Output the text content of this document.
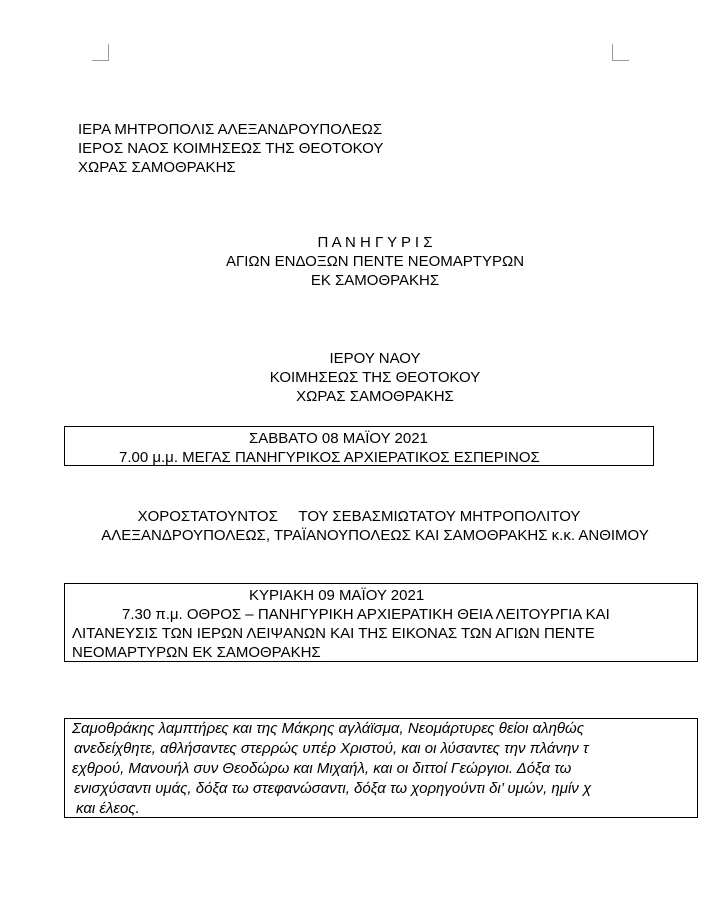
ΙΕΡΑ ΜΗΤΡΟΠΟΛΙΣ ΑΛΕΞΑΝΔΡΟΥΠΟΛΕΩΣ
ΙΕΡΟΣ ΝΑΟΣ ΚΟΙΜΗΣΕΩΣ ΤΗΣ ΘΕΟΤΟΚΟΥ
ΧΩΡΑΣ ΣΑΜΟΘΡΑΚΗΣ
Π Α Ν Η Γ Υ Ρ Ι Σ
ΑΓΙΩΝ ΕΝΔΟΞΩΝ ΠΕΝΤΕ ΝΕΟΜΑΡΤΥΡΩΝ
ΕΚ ΣΑΜΟΘΡΑΚΗΣ
ΙΕΡΟΥ ΝΑΟΥ
ΚΟΙΜΗΣΕΩΣ ΤΗΣ ΘΕΟΤΟΚΟΥ
ΧΩΡΑΣ ΣΑΜΟΘΡΑΚΗΣ
ΣΑΒΒΑΤΟ 08 ΜΑΪΟΥ 2021
7.00 μ.μ. ΜΕΓΑΣ ΠΑΝΗΓΥΡΙΚΟΣ ΑΡΧΙΕΡΑΤΙΚΟΣ ΕΣΠΕΡΙΝΟΣ
ΧΟΡΟΣΤΑΤΟΥΝΤΟΣ     ΤΟΥ ΣΕΒΑΣΜΙΩΤΑΤΟΥ ΜΗΤΡΟΠΟΛΙΤΟΥ
ΑΛΕΞΑΝΔΡΟΥΠΟΛΕΩΣ, ΤΡΑΪΑΝΟΥΠΟΛΕΩΣ ΚΑΙ ΣΑΜΟΘΡΑΚΗΣ κ.κ. ΑΝΘΙΜΟΥ
ΚΥΡΙΑΚΗ 09 ΜΑΪΟΥ 2021
7.30 π.μ. ΟΘΡΟΣ – ΠΑΝΗΓΥΡΙΚΗ ΑΡΧΙΕΡΑΤΙΚΗ ΘΕΙΑ ΛΕΙΤΟΥΡΓΙΑ ΚΑΙ
ΛΙΤΑΝΕΥΣΙΣ ΤΩΝ ΙΕΡΩΝ ΛΕΙΨΑΝΩΝ ΚΑΙ ΤΗΣ ΕΙΚΟΝΑΣ ΤΩΝ ΑΓΙΩΝ ΠΕΝΤΕ
ΝΕΟΜΑΡΤΥΡΩΝ ΕΚ ΣΑΜΟΘΡΑΚΗΣ
Σαμοθράκης λαμπτήρες και της Μάκρης αγλάϊσμα, Νεομάρτυρες θείοι αληθώς
ανεδείχθητε, αθλήσαντες στερρώς υπέρ Χριστού, και οι λύσαντες την πλάνην τ
εχθρού, Μανουήλ συν Θεοδώρω και Μιχαήλ, και οι διττοί Γεώργιοι. Δόξα τω
ενισχύσαντι υμάς, δόξα τω στεφανώσαντι, δόξα τω χορηγούντι δι’ υμών, ημίν χ
και έλεος.
